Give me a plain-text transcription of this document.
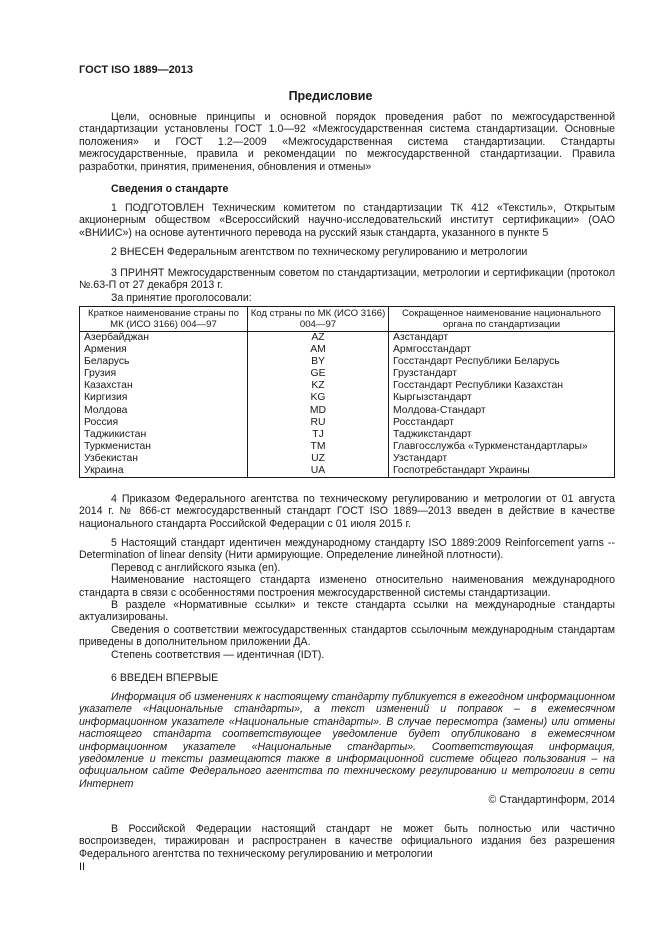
ГОСТ ISO 1889—2013
Предисловие

Цели, основные принципы и основной порядок проведения работ по межгосударственной стандартизации установлены ГОСТ 1.0—92 «Межгосударственная система стандартизации. Основные положения» и ГОСТ 1.2—2009 «Межгосударственная система стандартизации. Стандарты межгосударственные, правила и рекомендации по межгосударственной стандартизации. Правила разработки, принятия, применения, обновления и отмены»

Сведения о стандарте

1 ПОДГОТОВЛЕН Техническим комитетом по стандартизации ТК 412 «Текстиль», Открытым акционерным обществом «Всероссийский научно-исследовательский институт сертификации» (ОАО «ВНИИС») на основе аутентичного перевода на русский язык стандарта, указанного в пункте 5

2 ВНЕСЕН Федеральным агентством по техническому регулированию и метрологии

3 ПРИНЯТ Межгосударственным советом по стандартизации, метрологии и сертификации (протокол №.63-П от 27 декабря 2013 г.

За принятие проголосовали:

Краткое наименование страны по МК (ИСО 3166) 004—97	Код страны по МК (ИСО 3166) 004—97	Сокращенное наименование национального органа по стандартизации
Азербайджан	AZ	Азстандарт
Армения	AM	Армгосстандарт
Беларусь	BY	Госстандарт Республики Беларусь
Грузия	GE	Грузстандарт
Казахстан	KZ	Госстандарт Республики Казахстан
Киргизия	KG	Кыргызстандарт
Молдова	MD	Молдова-Стандарт
Россия	RU	Росстандарт
Таджикистан	TJ	Таджикстандарт
Туркменистан	TM	Главгосслужба «Туркменстандартлары»
Узбекистан	UZ	Узстандарт
Украина	UA	Госпотребстандарт Украины

4 Приказом Федерального агентства по техническому регулированию и метрологии от 01 августа 2014 г. № 866-ст межгосударственный стандарт ГОСТ ISO 1889—2013 введен в действие в качестве национального стандарта Российской Федерации с 01 июля 2015 г.

5 Настоящий стандарт идентичен международному стандарту ISO 1889:2009 Reinforcement yarns -- Determination of linear density (Нити армирующие. Определение линейной плотности).

Перевод с английского языка (en).

Наименование настоящего стандарта изменено относительно наименования международного стандарта в связи с особенностями построения межгосударственной системы стандартизации.

В разделе «Нормативные ссылки» и тексте стандарта ссылки на международные стандарты актуализированы.

Сведения о соответствии межгосударственных стандартов ссылочным международным стандартам приведены в дополнительном приложении ДА.

Степень соответствия — идентичная (IDT).

6 ВВЕДЕН ВПЕРВЫЕ

Информация об изменениях к настоящему стандарту публикуется в ежегодном информационном указателе «Национальные стандарты», а текст изменений и поправок – в ежемесячном информационном указателе «Национальные стандарты». В случае пересмотра (замены) или отмены настоящего стандарта соответствующее уведомление будет опубликовано в ежемесячном информационном указателе «Национальные стандарты». Соответствующая информация, уведомление и тексты размещаются также в информационной системе общего пользования – на официальном сайте Федерального агентства по техническому регулированию и метрологии в сети Интернет

© Стандартинформ, 2014

В Российской Федерации настоящий стандарт не может быть полностью или частично воспроизведен, тиражирован и распространен в качестве официального издания без разрешения Федерального агентства по техническому регулированию и метрологии

II
